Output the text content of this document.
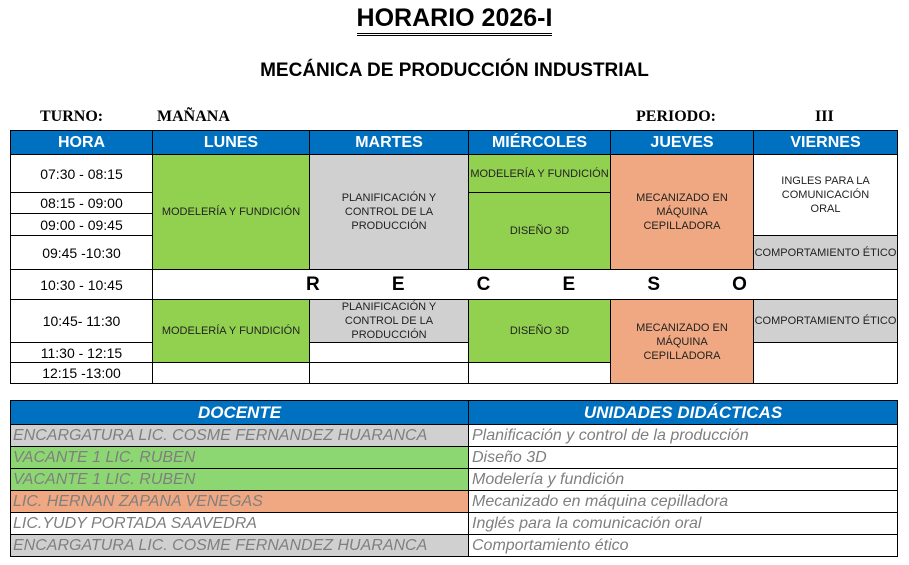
HORARIO 2026-I
MECÁNICA DE PRODUCCIÓN INDUSTRIAL
TURNO:	MAÑANA	PERIODO:	III
HORA	LUNES	MARTES	MIÉRCOLES	JUEVES	VIERNES
07:30 - 08:15	MODELERÍA Y FUNDICIÓN	PLANIFICACIÓN Y CONTROL DE LA PRODUCCIÓN	MODELERÍA Y FUNDICIÓN	MECANIZADO EN MÁQUINA CEPILLADORA	INGLES PARA LA COMUNICACIÓN ORAL
08:15 - 09:00			DISEÑO 3D		
09:00 - 09:45					
09:45 -10:30					COMPORTAMIENTO ÉTICO
10:30 - 10:45	R	E	C	E	S	O

10:45- 11:30	MODELERÍA Y FUNDICIÓN	PLANIFICACIÓN Y CONTROL DE LA PRODUCCIÓN	DISEÑO 3D	MECANIZADO EN MÁQUINA CEPILLADORA	COMPORTAMIENTO ÉTICO
11:30 - 12:15					
12:15 -13:00					
DOCENTE	UNIDADES DIDÁCTICAS
ENCARGATURA LIC. COSME FERNANDEZ HUARANCA	Planificación y control de la producción
VACANTE 1 LIC. RUBEN	Diseño 3D
VACANTE 1 LIC. RUBEN	Modelería y fundición
LIC. HERNAN ZAPANA VENEGAS	Mecanizado en máquina cepilladora
LIC.YUDY PORTADA SAAVEDRA	Inglés para la comunicación oral
ENCARGATURA LIC. COSME FERNANDEZ HUARANCA	Comportamiento ético
